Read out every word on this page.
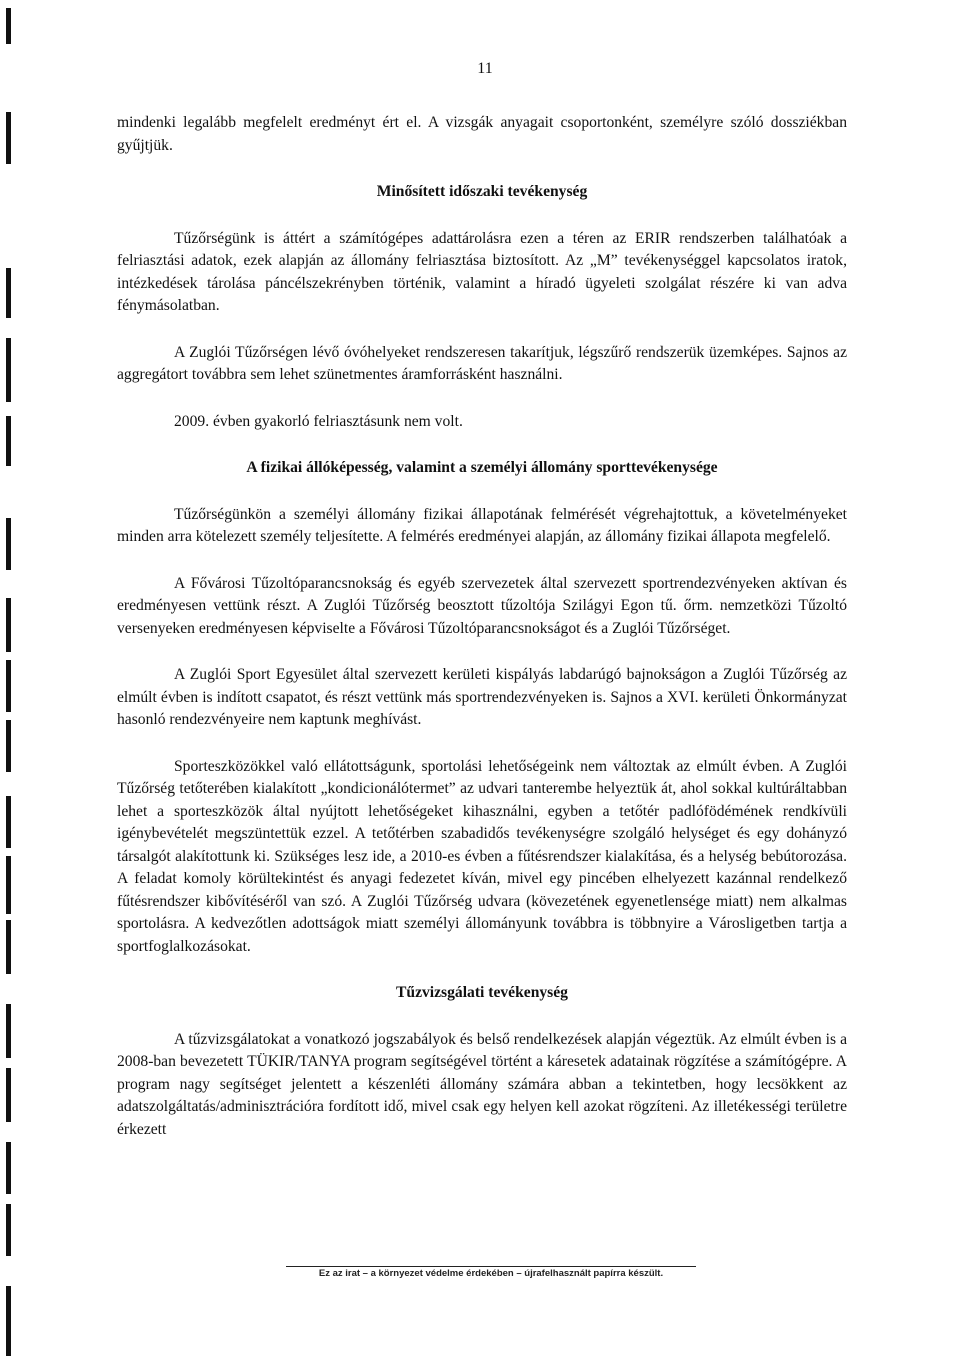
11

mindenki legalább megfelelt eredményt ért el. A vizsgák anyagait csoportonként, személyre szóló dossziékban gyűjtjük.

Minősített időszaki tevékenység

Tűzőrségünk is áttért a számítógépes adattárolásra ezen a téren az ERIR rendszerben találhatóak a felriasztási adatok, ezek alapján az állomány felriasztása biztosított. Az „M” tevékenységgel kapcsolatos iratok, intézkedések tárolása páncélszekrényben történik, valamint a híradó ügyeleti szolgálat részére ki van adva fénymásolatban.

A Zuglói Tűzőrségen lévő óvóhelyeket rendszeresen takarítjuk, légszűrő rendszerük üzemképes. Sajnos az aggregátort továbbra sem lehet szünetmentes áramforrásként használni.

2009. évben gyakorló felriasztásunk nem volt.

A fizikai állóképesség, valamint a személyi állomány sporttevékenysége

Tűzőrségünkön a személyi állomány fizikai állapotának felmérését végrehajtottuk, a követelményeket minden arra kötelezett személy teljesítette. A felmérés eredményei alapján, az állomány fizikai állapota megfelelő.

A Fővárosi Tűzoltóparancsnokság és egyéb szervezetek által szervezett sportrendezvényeken aktívan és eredményesen vettünk részt. A Zuglói Tűzőrség beosztott tűzoltója Szilágyi Egon tű. őrm. nemzetközi Tűzoltó versenyeken eredményesen képviselte a Fővárosi Tűzoltóparancsnokságot és a Zuglói Tűzőrséget.

A Zuglói Sport Egyesület által szervezett kerületi kispályás labdarúgó bajnokságon a Zuglói Tűzőrség az elmúlt évben is indított csapatot, és részt vettünk más sportrendezvényeken is. Sajnos a XVI. kerületi Önkormányzat hasonló rendezvényeire nem kaptunk meghívást.

Sporteszközökkel való ellátottságunk, sportolási lehetőségeink nem változtak az elmúlt évben. A Zuglói Tűzőrség tetőterében kialakított „kondicionálótermet” az udvari tanterembe helyeztük át, ahol sokkal kultúráltabban lehet a sporteszközök által nyújtott lehetőségeket kihasználni, egyben a tetőtér padlófödémének rendkívüli igénybevételét megszüntettük ezzel. A tetőtérben szabadidős tevékenységre szolgáló helységet és egy dohányzó társalgót alakítottunk ki. Szükséges lesz ide, a 2010-es évben a fűtésrendszer kialakítása, és a helység bebútorozása. A feladat komoly körültekintést és anyagi fedezetet kíván, mivel egy pincében elhelyezett kazánnal rendelkező fűtésrendszer kibővítéséről van szó. A Zuglói Tűzőrség udvara (kövezetének egyenetlensége miatt) nem alkalmas sportolásra. A kedvezőtlen adottságok miatt személyi állományunk továbbra is többnyire a Városligetben tartja a sportfoglalkozásokat.

Tűzvizsgálati tevékenység

A tűzvizsgálatokat a vonatkozó jogszabályok és belső rendelkezések alapján végeztük. Az elmúlt évben is a 2008-ban bevezetett TÜKIR/TANYA program segítségével történt a káresetek adatainak rögzítése a számítógépre. A program nagy segítséget jelentett a készenléti állomány számára abban a tekintetben, hogy lecsökkent az adatszolgáltatás/adminisztrációra fordított idő, mivel csak egy helyen kell azokat rögzíteni. Az illetékességi területre érkezett

Ez az irat – a környezet védelme érdekében – újrafelhasznált papírra készült.
